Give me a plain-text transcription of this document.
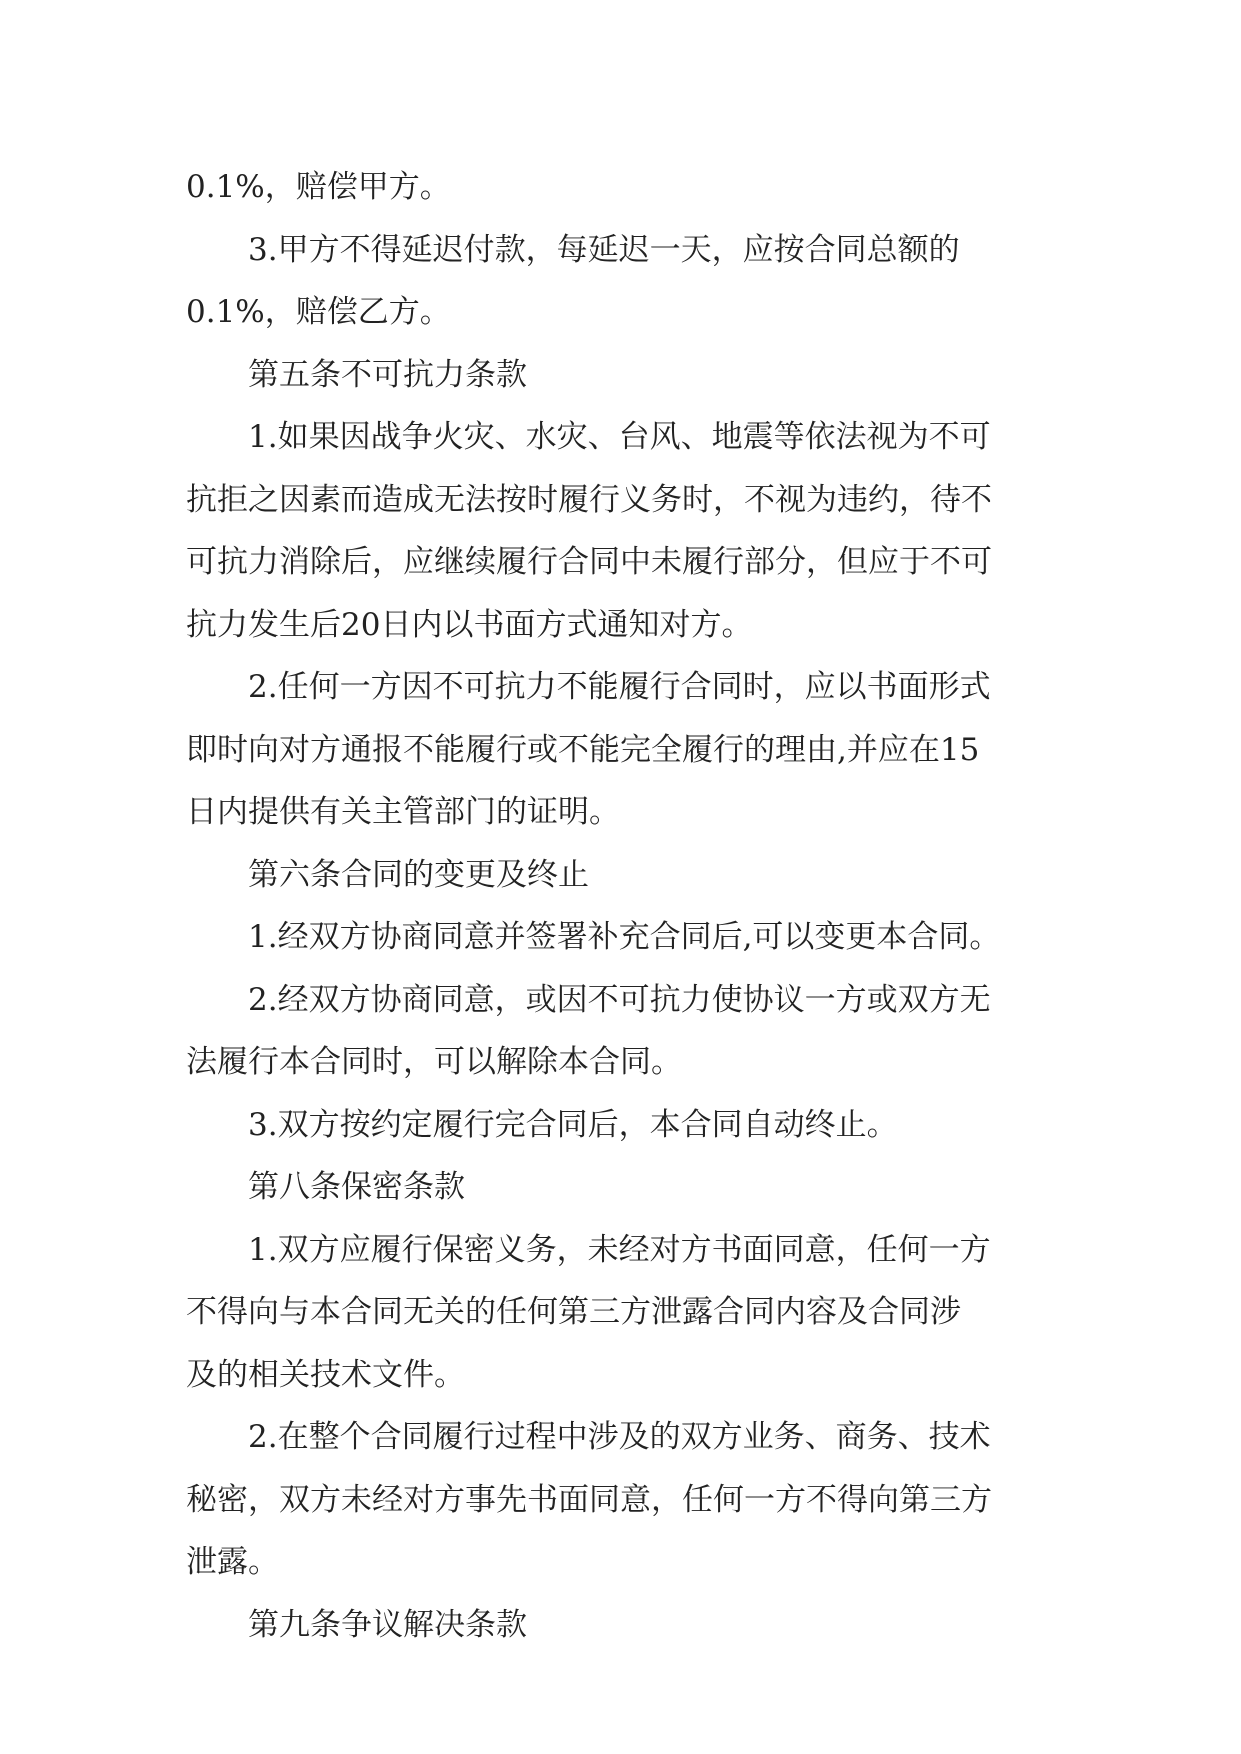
0.1%，赔偿甲方。
3.甲方不得延迟付款，每延迟一天，应按合同总额的
0.1%，赔偿乙方。
第五条不可抗力条款
1.如果因战争火灾、水灾、台风、地震等依法视为不可
抗拒之因素而造成无法按时履行义务时，不视为违约，待不
可抗力消除后，应继续履行合同中未履行部分，但应于不可
抗力发生后20日内以书面方式通知对方。
2.任何一方因不可抗力不能履行合同时，应以书面形式
即时向对方通报不能履行或不能完全履行的理由,并应在15
日内提供有关主管部门的证明。
第六条合同的变更及终止
1.经双方协商同意并签署补充合同后,可以变更本合同。
2.经双方协商同意，或因不可抗力使协议一方或双方无
法履行本合同时，可以解除本合同。
3.双方按约定履行完合同后，本合同自动终止。
第八条保密条款
1.双方应履行保密义务，未经对方书面同意，任何一方
不得向与本合同无关的任何第三方泄露合同内容及合同涉
及的相关技术文件。
2.在整个合同履行过程中涉及的双方业务、商务、技术
秘密，双方未经对方事先书面同意，任何一方不得向第三方
泄露。
第九条争议解决条款
